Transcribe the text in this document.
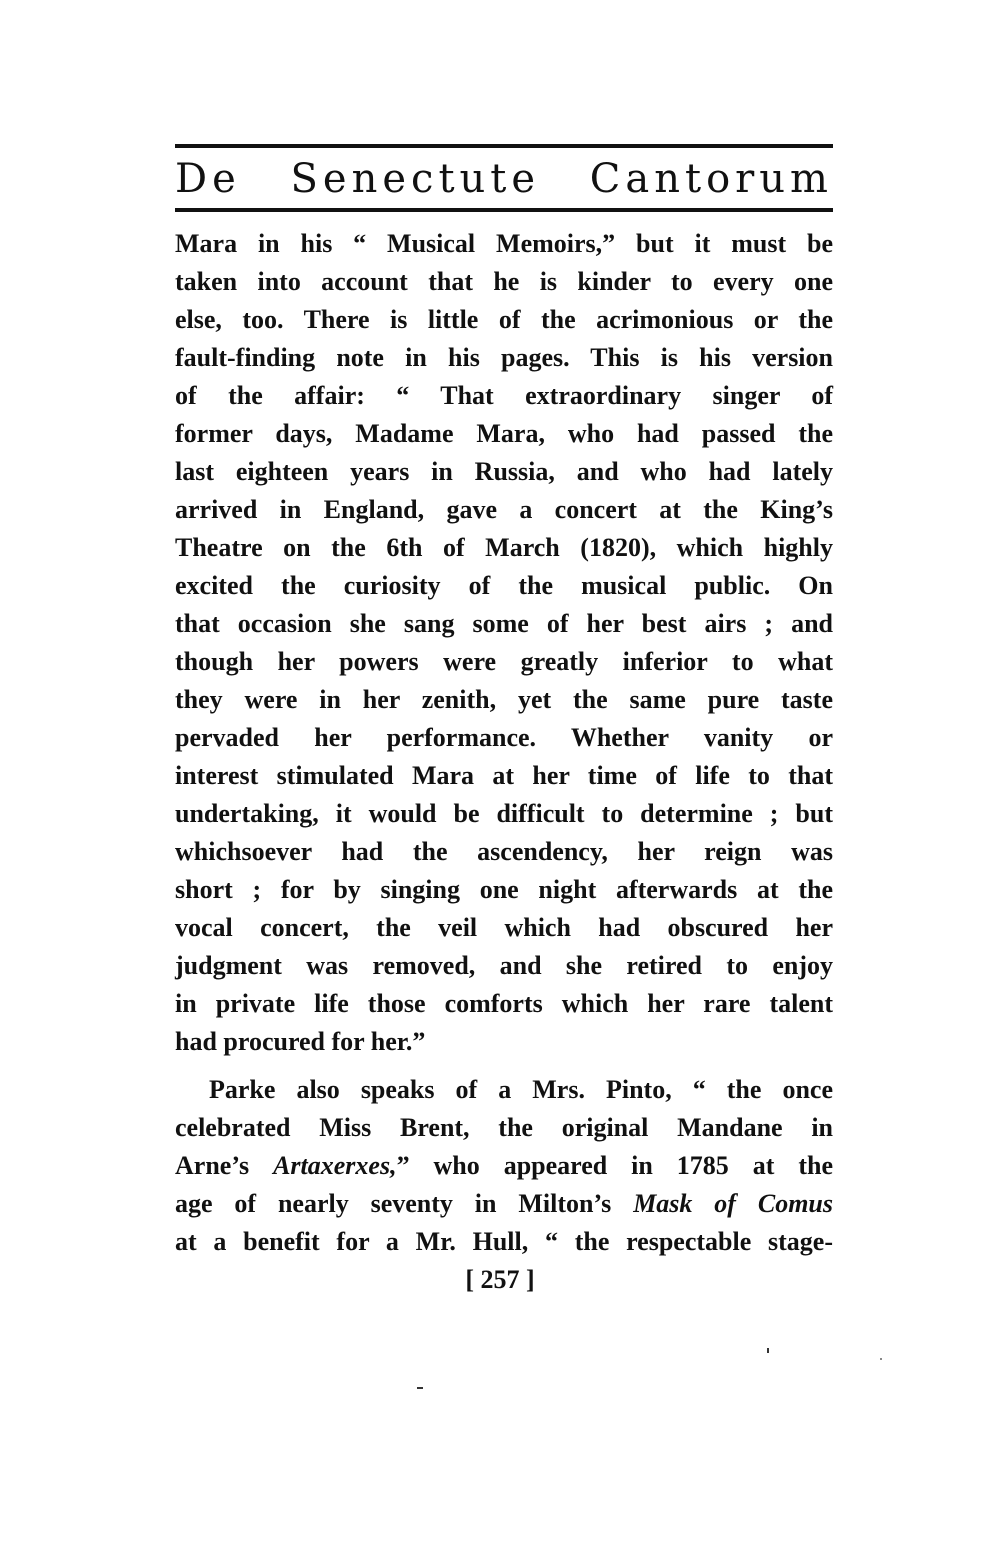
De Senectute Cantorum
Mara in his “ Musical Memoirs,” but it must be
taken into account that he is kinder to every one
else, too. There is little of the acrimonious or the
fault-finding note in his pages. This is his version
of the affair: “ That extraordinary singer of
former days, Madame Mara, who had passed the
last eighteen years in Russia, and who had lately
arrived in England, gave a concert at the King’s
Theatre on the 6th of March (1820), which highly
excited the curiosity of the musical public. On
that occasion she sang some of her best airs ; and
though her powers were greatly inferior to what
they were in her zenith, yet the same pure taste
pervaded her performance. Whether vanity or
interest stimulated Mara at her time of life to that
undertaking, it would be difficult to determine ; but
whichsoever had the ascendency, her reign was
short ; for by singing one night afterwards at the
vocal concert, the veil which had obscured her
judgment was removed, and she retired to enjoy
in private life those comforts which her rare talent
had procured for her.”
Parke also speaks of a Mrs. Pinto, “ the once
celebrated Miss Brent, the original Mandane in
Arne’s Artaxerxes,” who appeared in 1785 at the
age of nearly seventy in Milton’s Mask of Comus
at a benefit for a Mr. Hull, “ the respectable stage-
[ 257 ]
